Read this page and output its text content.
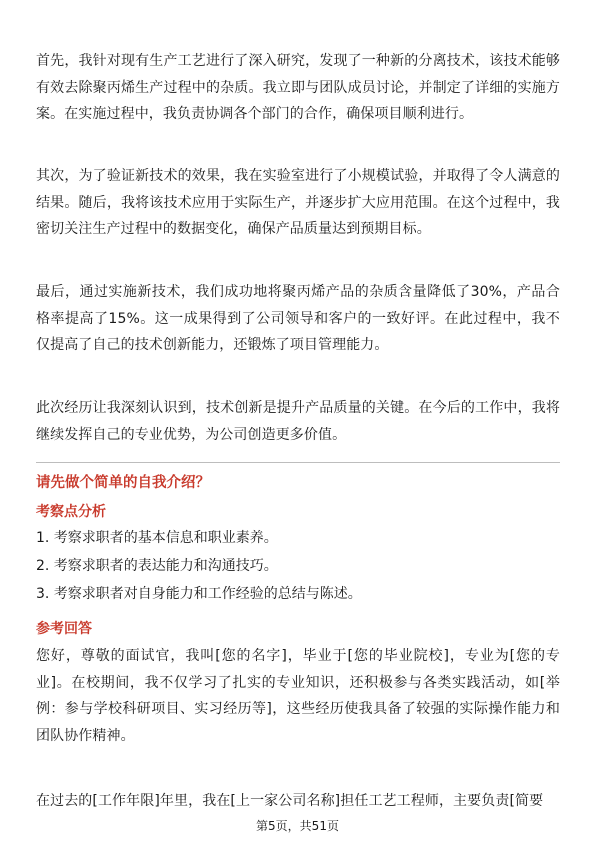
首先，我针对现有生产工艺进行了深入研究，发现了一种新的分离技术，该技术能够有效去除聚丙烯生产过程中的杂质。我立即与团队成员讨论，并制定了详细的实施方案。在实施过程中，我负责协调各个部门的合作，确保项目顺利进行。

其次，为了验证新技术的效果，我在实验室进行了小规模试验，并取得了令人满意的结果。随后，我将该技术应用于实际生产，并逐步扩大应用范围。在这个过程中，我密切关注生产过程中的数据变化，确保产品质量达到预期目标。

最后，通过实施新技术，我们成功地将聚丙烯产品的杂质含量降低了30%，产品合格率提高了15%。这一成果得到了公司领导和客户的一致好评。在此过程中，我不仅提高了自己的技术创新能力，还锻炼了项目管理能力。

此次经历让我深刻认识到，技术创新是提升产品质量的关键。在今后的工作中，我将继续发挥自己的专业优势，为公司创造更多价值。

请先做个简单的自我介绍？

考察点分析

1. 考察求职者的基本信息和职业素养。

2. 考察求职者的表达能力和沟通技巧。

3. 考察求职者对自身能力和工作经验的总结与陈述。

参考回答

您好，尊敬的面试官，我叫[您的名字]，毕业于[您的毕业院校]，专业为[您的专业]。在校期间，我不仅学习了扎实的专业知识，还积极参与各类实践活动，如[举例：参与学校科研项目、实习经历等]，这些经历使我具备了较强的实际操作能力和团队协作精神。

在过去的[工作年限]年里，我在[上一家公司名称]担任工艺工程师，主要负责[简要

第5页，共51页
